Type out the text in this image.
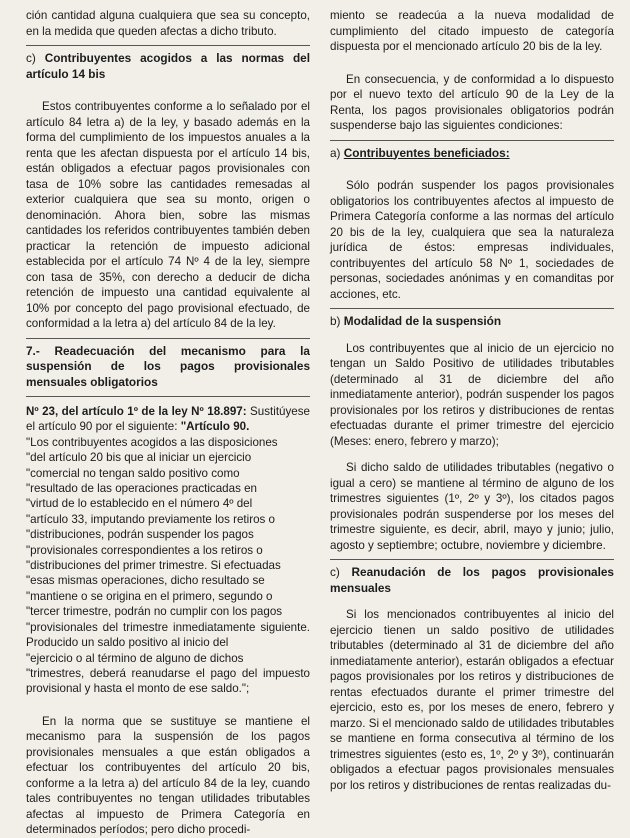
ción cantidad alguna cualquiera que sea su concepto, en la medida que queden afectas a dicho tributo.

c) Contribuyentes acogidos a las normas del artículo 14 bis

Estos contribuyentes conforme a lo señalado por el artículo 84 letra a) de la ley, y basado además en la forma del cumplimiento de los impuestos anuales a la renta que les afectan dispuesta por el artículo 14 bis, están obligados a efectuar pagos provisionales con tasa de 10% sobre las cantidades remesadas al exterior cualquiera que sea su monto, origen o denominación. Ahora bien, sobre las mismas cantidades los referidos contribuyentes también deben practicar la retención de impuesto adicional establecida por el artículo 74 Nº 4 de la ley, siempre con tasa de 35%, con derecho a deducir de dicha retención de impuesto una cantidad equivalente al 10% por concepto del pago provisional efectuado, de conformidad a la letra a) del artículo 84 de la ley.

7.- Readecuación del mecanismo para la suspensión de los pagos provisionales mensuales obligatorios

Nº 23, del artículo 1º de la ley Nº 18.897: Sustitúyese el artículo 90 por el siguiente: "Artículo 90.

"Los contribuyentes acogidos a las disposiciones

"del artículo 20 bis que al iniciar un ejercicio

"comercial no tengan saldo positivo como

"resultado de las operaciones practicadas en

"virtud de lo establecido en el número 4º del

"artículo 33, imputando previamente los retiros o

"distribuciones, podrán suspender los pagos

"provisionales correspondientes a los retiros o

"distribuciones del primer trimestre. Si efectuadas

"esas mismas operaciones, dicho resultado se

"mantiene o se origina en el primero, segundo o

"tercer trimestre, podrán no cumplir con los pagos

"provisionales del trimestre inmediatamente siguiente. Producido un saldo positivo al inicio del

"ejercicio o al término de alguno de dichos

"trimestres, deberá reanudarse el pago del impuesto provisional y hasta el monto de ese saldo.";

En la norma que se sustituye se mantiene el mecanismo para la suspensión de los pagos provisionales mensuales a que están obligados a efectuar los contribuyentes del artículo 20 bis, conforme a la letra a) del artículo 84 de la ley, cuando tales contribuyentes no tengan utilidades tributables afectas al impuesto de Primera Categoría en determinados períodos; pero dicho procedi-

miento se readecúa a la nueva modalidad de cumplimiento del citado impuesto de categoría dispuesta por el mencionado artículo 20 bis de la ley.

En consecuencia, y de conformidad a lo dispuesto por el nuevo texto del artículo 90 de la Ley de la Renta, los pagos provisionales obligatorios podrán suspenderse bajo las siguientes condiciones:

a) Contribuyentes beneficiados:

Sólo podrán suspender los pagos provisionales obligatorios los contribuyentes afectos al impuesto de Primera Categoría conforme a las normas del artículo 20 bis de la ley, cualquiera que sea la naturaleza jurídica de éstos: empresas individuales, contribuyentes del artículo 58 Nº 1, sociedades de personas, sociedades anónimas y en comanditas por acciones, etc.

b) Modalidad de la suspensión

Los contribuyentes que al inicio de un ejercicio no tengan un Saldo Positivo de utilidades tributables (determinado al 31 de diciembre del año inmediatamente anterior), podrán suspender los pagos provisionales por los retiros y distribuciones de rentas efectuadas durante el primer trimestre del ejercicio (Meses: enero, febrero y marzo);

Si dicho saldo de utilidades tributables (negativo o igual a cero) se mantiene al término de alguno de los trimestres siguientes (1º, 2º y 3º), los citados pagos provisionales podrán suspenderse por los meses del trimestre siguiente, es decir, abril, mayo y junio; julio, agosto y septiembre; octubre, noviembre y diciembre.

c) Reanudación de los pagos provisionales mensuales

Si los mencionados contribuyentes al inicio del ejercicio tienen un saldo positivo de utilidades tributables (determinado al 31 de diciembre del año inmediatamente anterior), estarán obligados a efectuar pagos provisionales por los retiros y distribuciones de rentas efectuados durante el primer trimestre del ejercicio, esto es, por los meses de enero, febrero y marzo. Si el mencionado saldo de utilidades tributables se mantiene en forma consecutiva al término de los trimestres siguientes (esto es, 1º, 2º y 3º), continuarán obligados a efectuar pagos provisionales mensuales por los retiros y distribuciones de rentas realizadas du-
